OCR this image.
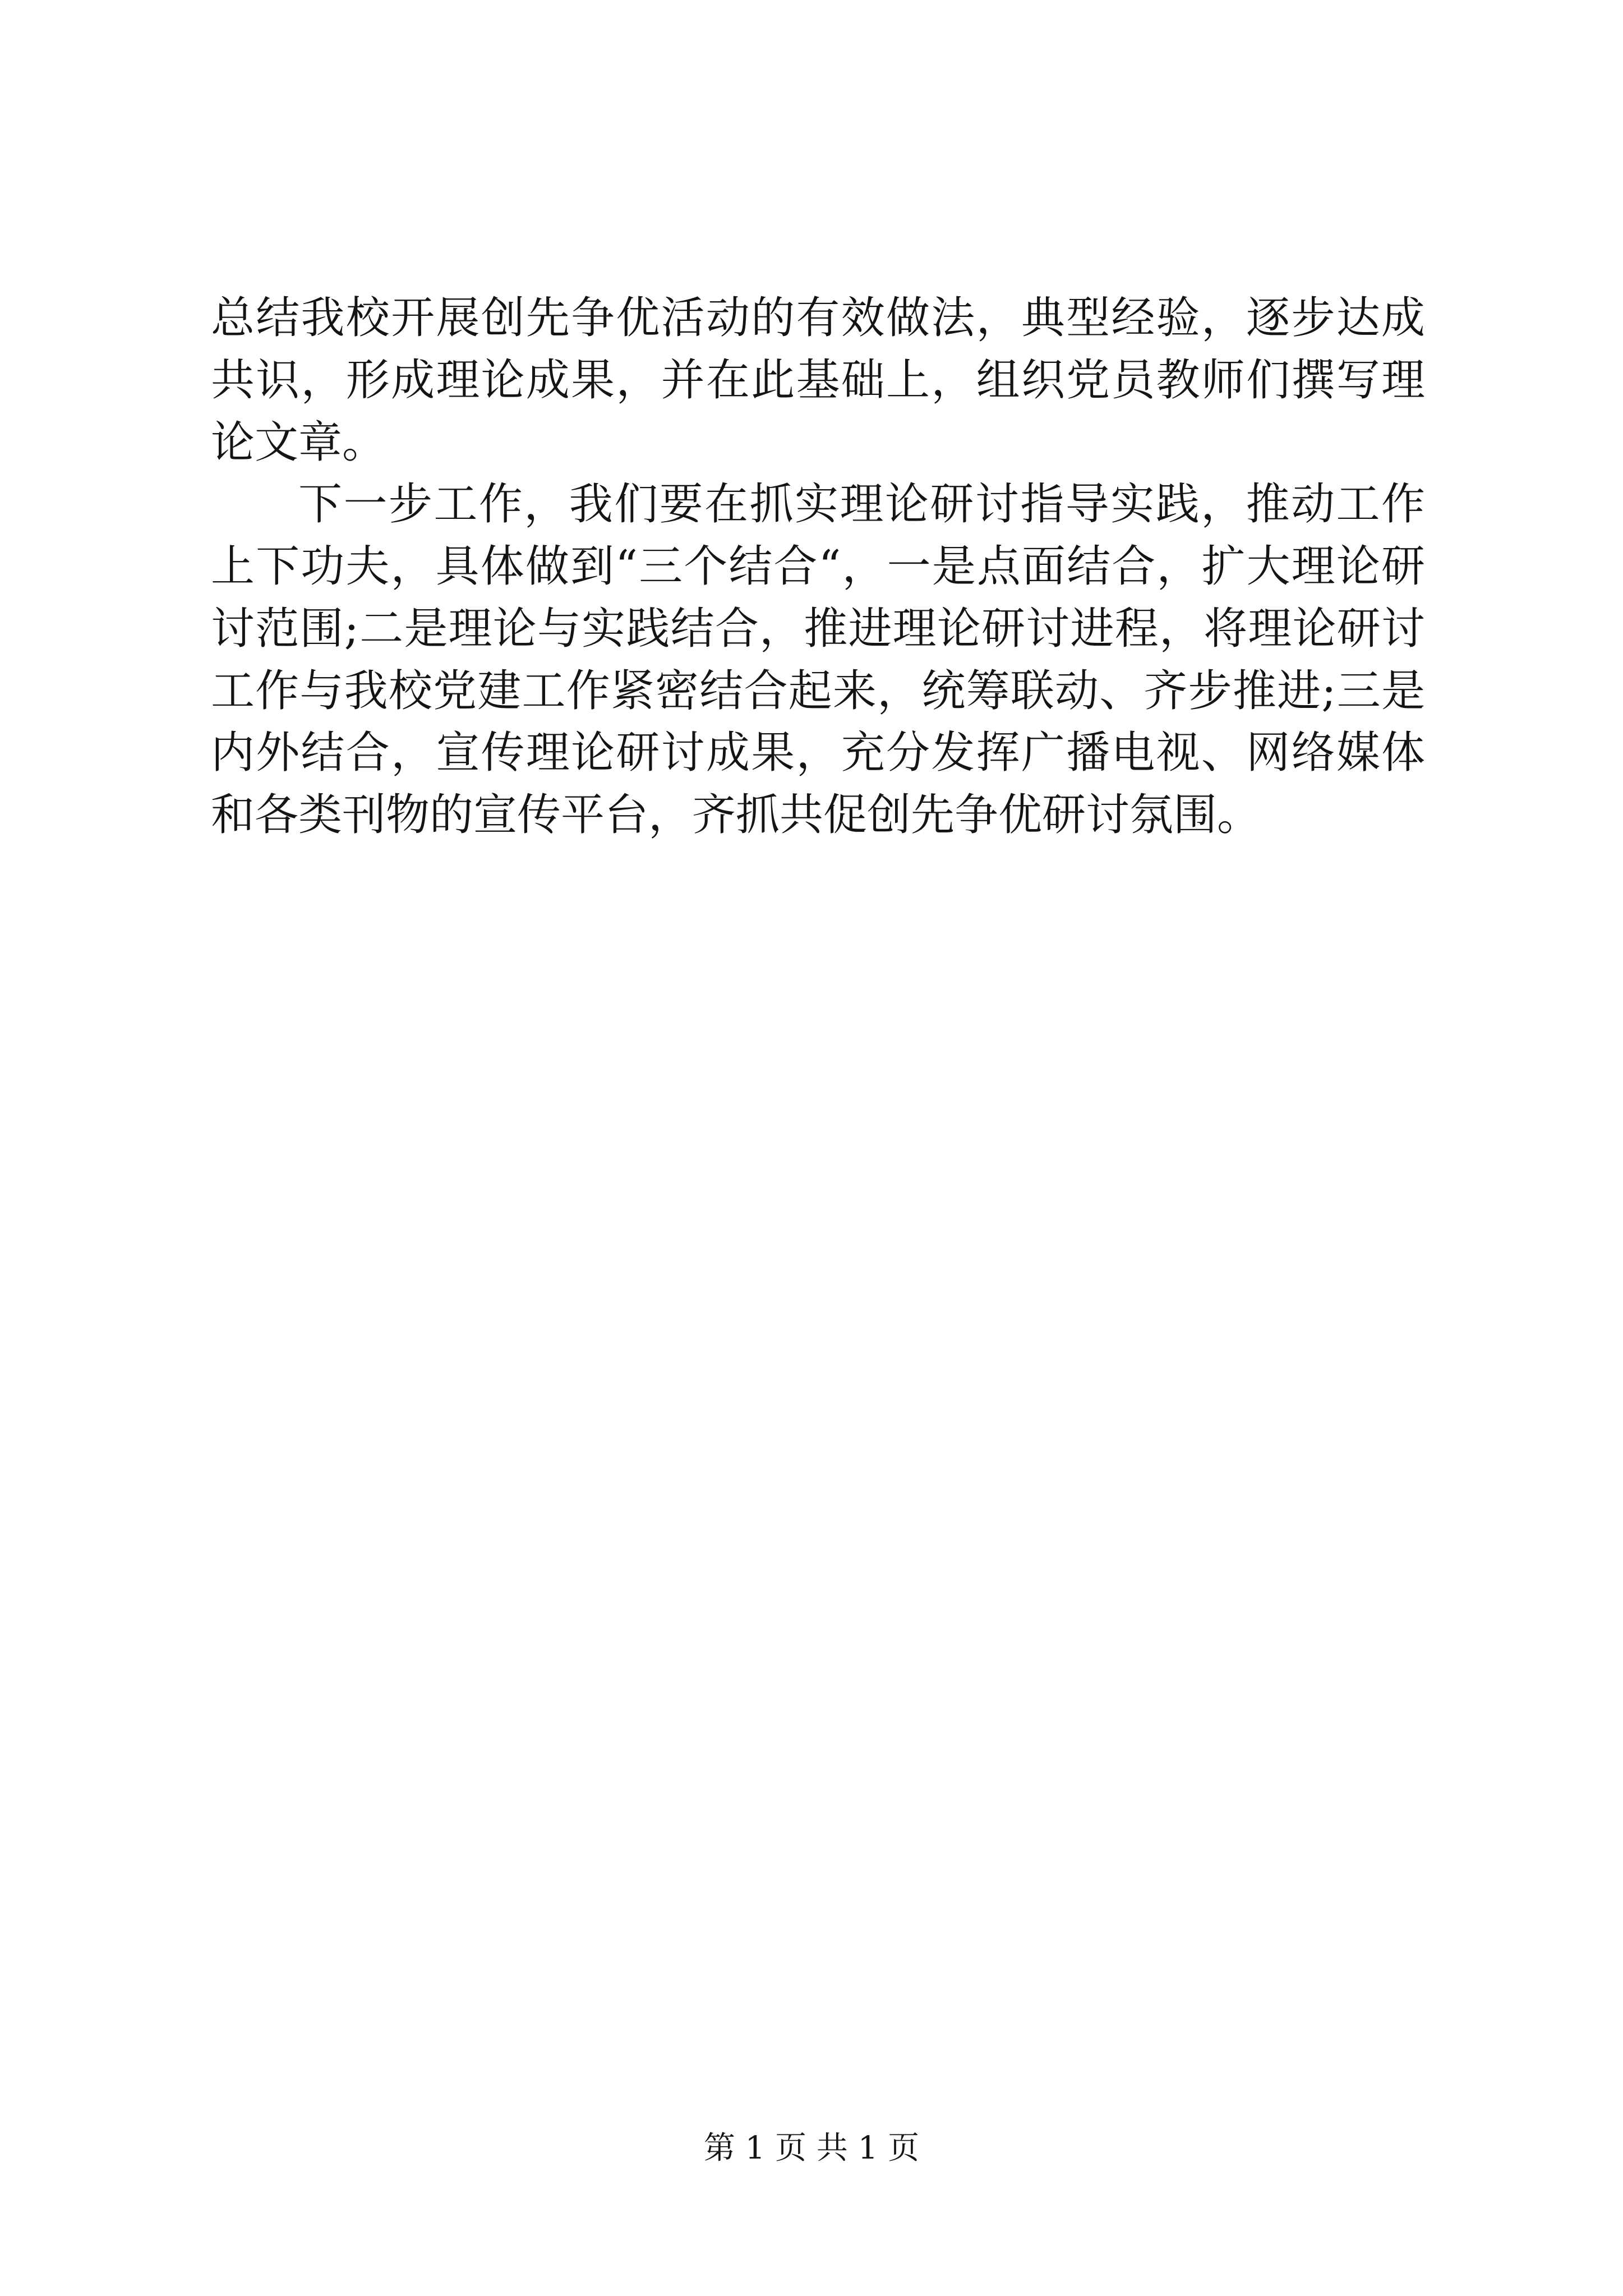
总结我校开展创先争优活动的有效做法，典型经验，逐步达成共识，形成理论成果，并在此基础上，组织党员教师们撰写理论文章。

下一步工作，我们要在抓实理论研讨指导实践，推动工作上下功夫，具体做到“三个结合“，一是点面结合，扩大理论研讨范围;二是理论与实践结合，推进理论研讨进程，将理论研讨工作与我校党建工作紧密结合起来，统筹联动、齐步推进;三是内外结合，宣传理论研讨成果，充分发挥广播电视、网络媒体和各类刊物的宣传平台，齐抓共促创先争优研讨氛围。

第 1 页 共 1 页
